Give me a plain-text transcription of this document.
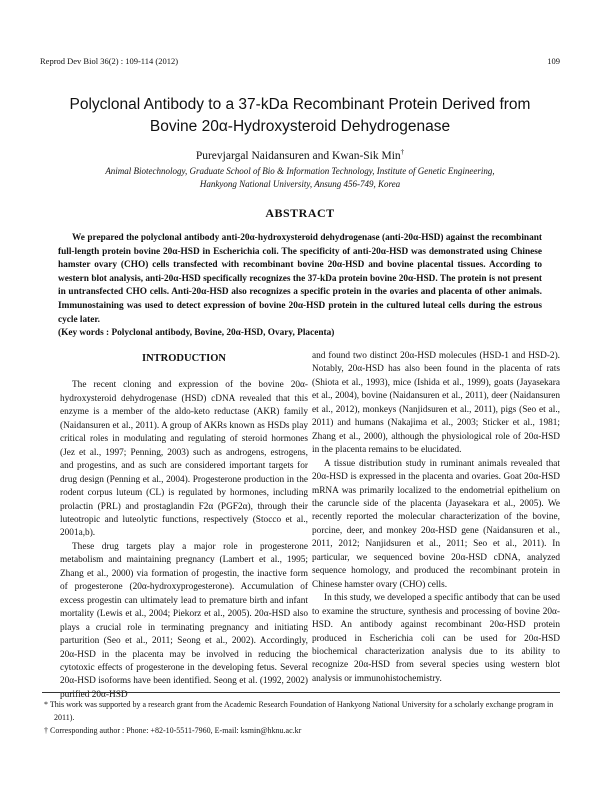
Reprod Dev Biol 36(2) : 109-114 (2012)	109
Polyclonal Antibody to a 37-kDa Recombinant Protein Derived from
Bovine 20α-Hydroxysteroid Dehydrogenase
Purevjargal Naidansuren and Kwan-Sik Min†
Animal Biotechnology, Graduate School of Bio & Information Technology, Institute of Genetic Engineering,
Hankyong National University, Ansung 456-749, Korea
ABSTRACT

We prepared the polyclonal antibody anti-20α-hydroxysteroid dehydrogenase (anti-20α-HSD) against the recombinant full-length protein bovine 20α-HSD in Escherichia coli. The specificity of anti-20α-HSD was demonstrated using Chinese hamster ovary (CHO) cells transfected with recombinant bovine 20α-HSD and bovine placental tissues. According to western blot analysis, anti-20α-HSD specifically recognizes the 37-kDa protein bovine 20α-HSD. The protein is not present in untransfected CHO cells. Anti-20α-HSD also recognizes a specific protein in the ovaries and placenta of other animals. Immunostaining was used to detect expression of bovine 20α-HSD protein in the cultured luteal cells during the estrous cycle later.

(Key words : Polyclonal antibody, Bovine, 20α-HSD, Ovary, Placenta)

INTRODUCTION

The recent cloning and expression of the bovine 20α-hydroxysteroid dehydrogenase (HSD) cDNA revealed that this enzyme is a member of the aldo-keto reductase (AKR) family (Naidansuren et al., 2011). A group of AKRs known as HSDs play critical roles in modulating and regulating of steroid hormones (Jez et al., 1997; Penning, 2003) such as androgens, estrogens, and progestins, and as such are considered important targets for drug design (Penning et al., 2004). Progesterone production in the rodent corpus luteum (CL) is regulated by hormones, including prolactin (PRL) and prostaglandin F2α (PGF2α), through their luteotropic and luteolytic functions, respectively (Stocco et al., 2001a,b).

These drug targets play a major role in progesterone metabolism and maintaining pregnancy (Lambert et al., 1995; Zhang et al., 2000) via formation of progestin, the inactive form of progesterone (20α-hydroxyprogesterone). Accumulation of excess progestin can ultimately lead to premature birth and infant mortality (Lewis et al., 2004; Piekorz et al., 2005). 20α-HSD also plays a crucial role in terminating pregnancy and initiating parturition (Seo et al., 2011; Seong et al., 2002). Accordingly, 20α-HSD in the placenta may be involved in reducing the cytotoxic effects of progesterone in the developing fetus. Several 20α-HSD isoforms have been identified. Seong et al. (1992, 2002) purified 20α-HSD

and found two distinct 20α-HSD molecules (HSD-1 and HSD-2). Notably, 20α-HSD has also been found in the placenta of rats (Shiota et al., 1993), mice (Ishida et al., 1999), goats (Jayasekara et al., 2004), bovine (Naidansuren et al., 2011), deer (Naidansuren et al., 2012), monkeys (Nanjidsuren et al., 2011), pigs (Seo et al., 2011) and humans (Nakajima et al., 2003; Sticker et al., 1981; Zhang et al., 2000), although the physiological role of 20α-HSD in the placenta remains to be elucidated.

A tissue distribution study in ruminant animals revealed that 20α-HSD is expressed in the placenta and ovaries. Goat 20α-HSD mRNA was primarily localized to the endometrial epithelium on the caruncle side of the placenta (Jayasekara et al., 2005). We recently reported the molecular characterization of the bovine, porcine, deer, and monkey 20α-HSD gene (Naidansuren et al., 2011, 2012; Nanjidsuren et al., 2011; Seo et al., 2011). In particular, we sequenced bovine 20α-HSD cDNA, analyzed sequence homology, and produced the recombinant protein in Chinese hamster ovary (CHO) cells.

In this study, we developed a specific antibody that can be used to examine the structure, synthesis and processing of bovine 20α-HSD. An antibody against recombinant 20α-HSD protein produced in Escherichia coli can be used for 20α-HSD biochemical characterization analysis due to its ability to recognize 20α-HSD from several species using western blot analysis or immunohistochemistry.

* This work was supported by a research grant from the Academic Research Foundation of Hankyong National University for a scholarly exchange program in 2011).

† Corresponding author : Phone: +82-10-5511-7960, E-mail: ksmin@hknu.ac.kr
